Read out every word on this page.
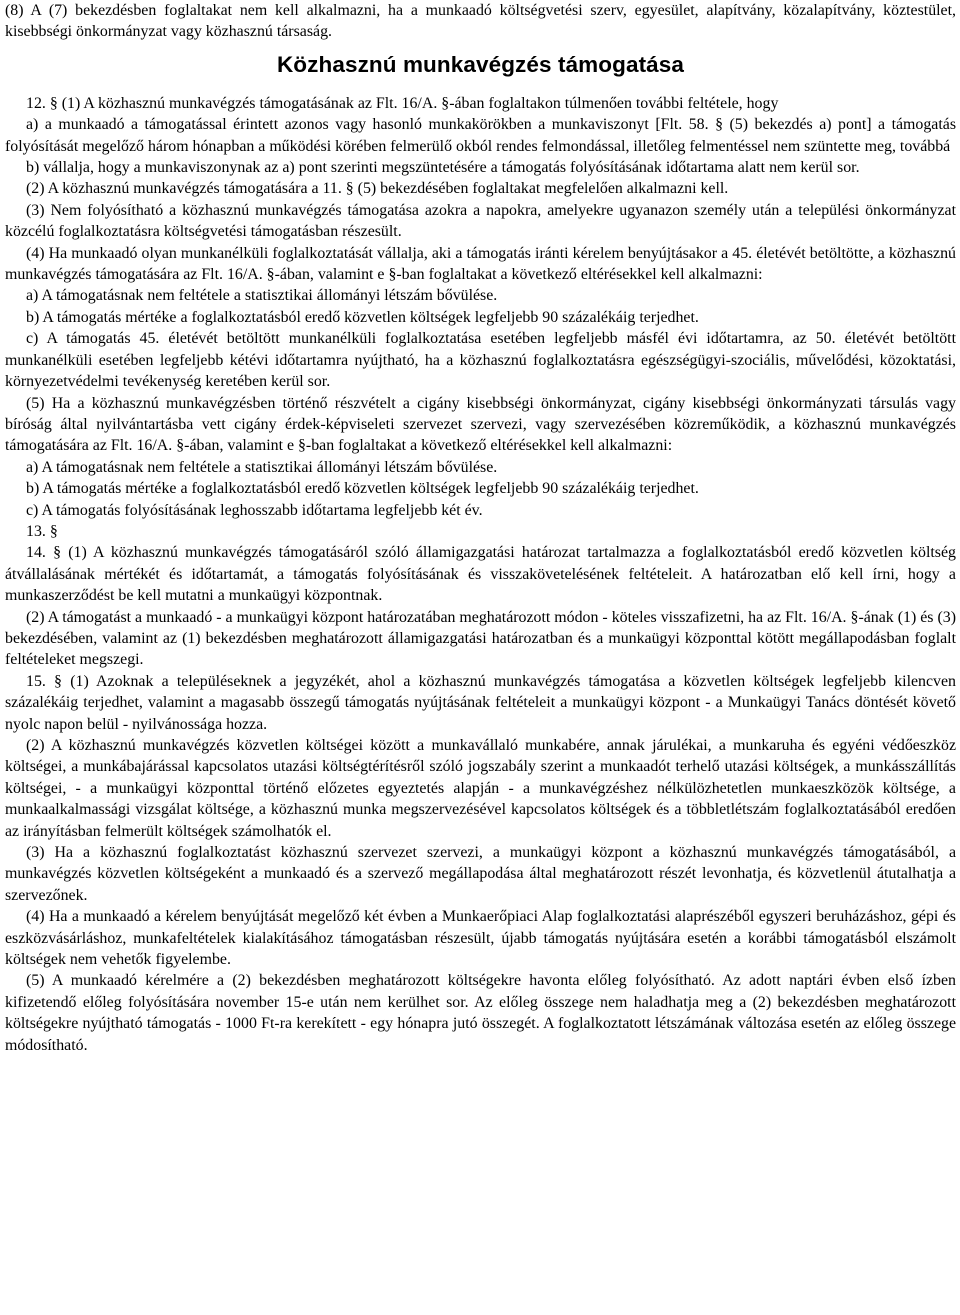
(8) A (7) bekezdésben foglaltakat nem kell alkalmazni, ha a munkaadó költségvetési szerv, egyesület, alapítvány, közalapítvány, köztestület, kisebbségi önkormányzat vagy közhasznú társaság.

Közhasznú munkavégzés támogatása

12. § (1) A közhasznú munkavégzés támogatásának az Flt. 16/A. §-ában foglaltakon túlmenően további feltétele, hogy

a) a munkaadó a támogatással érintett azonos vagy hasonló munkakörökben a munkaviszonyt [Flt. 58. § (5) bekezdés a) pont] a támogatás folyósítását megelőző három hónapban a működési körében felmerülő okból rendes felmondással, illetőleg felmentéssel nem szüntette meg, továbbá

b) vállalja, hogy a munkaviszonynak az a) pont szerinti megszüntetésére a támogatás folyósításának időtartama alatt nem kerül sor.

(2) A közhasznú munkavégzés támogatására a 11. § (5) bekezdésében foglaltakat megfelelően alkalmazni kell.

(3) Nem folyósítható a közhasznú munkavégzés támogatása azokra a napokra, amelyekre ugyanazon személy után a települési önkormányzat közcélú foglalkoztatásra költségvetési támogatásban részesült.

(4) Ha munkaadó olyan munkanélküli foglalkoztatását vállalja, aki a támogatás iránti kérelem benyújtásakor a 45. életévét betöltötte, a közhasznú munkavégzés támogatására az Flt. 16/A. §-ában, valamint e §-ban foglaltakat a következő eltérésekkel kell alkalmazni:

a) A támogatásnak nem feltétele a statisztikai állományi létszám bővülése.

b) A támogatás mértéke a foglalkoztatásból eredő közvetlen költségek legfeljebb 90 százalékáig terjedhet.

c) A támogatás 45. életévét betöltött munkanélküli foglalkoztatása esetében legfeljebb másfél évi időtartamra, az 50. életévét betöltött munkanélküli esetében legfeljebb kétévi időtartamra nyújtható, ha a közhasznú foglalkoztatásra egészségügyi-szociális, művelődési, közoktatási, környezetvédelmi tevékenység keretében kerül sor.

(5) Ha a közhasznú munkavégzésben történő részvételt a cigány kisebbségi önkormányzat, cigány kisebbségi önkormányzati társulás vagy bíróság által nyilvántartásba vett cigány érdek-képviseleti szervezet szervezi, vagy szervezésében közreműködik, a közhasznú munkavégzés támogatására az Flt. 16/A. §-ában, valamint e §-ban foglaltakat a következő eltérésekkel kell alkalmazni:

a) A támogatásnak nem feltétele a statisztikai állományi létszám bővülése.

b) A támogatás mértéke a foglalkoztatásból eredő közvetlen költségek legfeljebb 90 százalékáig terjedhet.

c) A támogatás folyósításának leghosszabb időtartama legfeljebb két év.

13. §

14. § (1) A közhasznú munkavégzés támogatásáról szóló államigazgatási határozat tartalmazza a foglalkoztatásból eredő közvetlen költség átvállalásának mértékét és időtartamát, a támogatás folyósításának és visszakövetelésének feltételeit. A határozatban elő kell írni, hogy a munkaszerződést be kell mutatni a munkaügyi központnak.

(2) A támogatást a munkaadó - a munkaügyi központ határozatában meghatározott módon - köteles visszafizetni, ha az Flt. 16/A. §-ának (1) és (3) bekezdésében, valamint az (1) bekezdésben meghatározott államigazgatási határozatban és a munkaügyi központtal kötött megállapodásban foglalt feltételeket megszegi.

15. § (1) Azoknak a településeknek a jegyzékét, ahol a közhasznú munkavégzés támogatása a közvetlen költségek legfeljebb kilencven százalékáig terjedhet, valamint a magasabb összegű támogatás nyújtásának feltételeit a munkaügyi központ - a Munkaügyi Tanács döntését követő nyolc napon belül - nyilvánossága hozza.

(2) A közhasznú munkavégzés közvetlen költségei között a munkavállaló munkabére, annak járulékai, a munkaruha és egyéni védőeszköz költségei, a munkábajárással kapcsolatos utazási költségtérítésről szóló jogszabály szerint a munkaadót terhelő utazási költségek, a munkásszállítás költségei, - a munkaügyi központtal történő előzetes egyeztetés alapján - a munkavégzéshez nélkülözhetetlen munkaeszközök költsége, a munkaalkalmassági vizsgálat költsége, a közhasznú munka megszervezésével kapcsolatos költségek és a többletlétszám foglalkoztatásából eredően az irányításban felmerült költségek számolhatók el.

(3) Ha a közhasznú foglalkoztatást közhasznú szervezet szervezi, a munkaügyi központ a közhasznú munkavégzés támogatásából, a munkavégzés közvetlen költségeként a munkaadó és a szervező megállapodása által meghatározott részét levonhatja, és közvetlenül átutalhatja a szervezőnek.

(4) Ha a munkaadó a kérelem benyújtását megelőző két évben a Munkaerőpiaci Alap foglalkoztatási alaprészéből egyszeri beruházáshoz, gépi és eszközvásárláshoz, munkafeltételek kialakításához támogatásban részesült, újabb támogatás nyújtására esetén a korábbi támogatásból elszámolt költségek nem vehetők figyelembe.

(5) A munkaadó kérelmére a (2) bekezdésben meghatározott költségekre havonta előleg folyósítható. Az adott naptári évben első ízben kifizetendő előleg folyósítására november 15-e után nem kerülhet sor. Az előleg összege nem haladhatja meg a (2) bekezdésben meghatározott költségekre nyújtható támogatás - 1000 Ft-ra kerekített - egy hónapra jutó összegét. A foglalkoztatott létszámának változása esetén az előleg összege módosítható.
